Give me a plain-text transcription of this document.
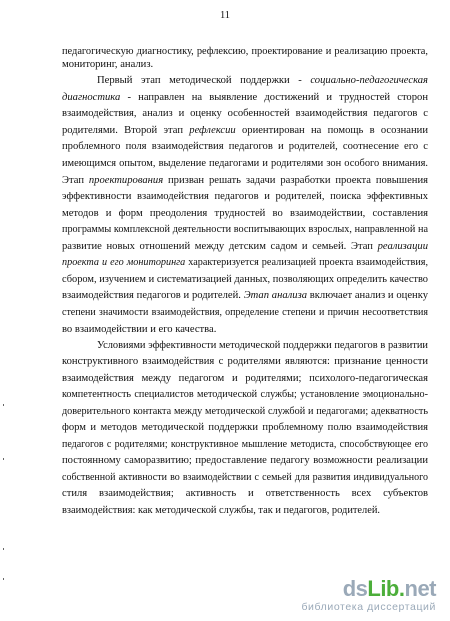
11
педагогическую диагностику, рефлексию, проектирование и реализацию проекта,
мониторинг, анализ.
Первый этап методической поддержки - социально-педагогическая
диагностика - направлен на выявление достижений и трудностей сторон
взаимодействия, анализ и оценку особенностей взаимодействия педагогов с
родителями. Второй этап рефлексии ориентирован на помощь в осознании
проблемного поля взаимодействия педагогов и родителей, соотнесение его с
имеющимся опытом, выделение педагогами и родителями зон особого внимания.
Этап проектирования призван решать задачи разработки проекта повышения
эффективности взаимодействия педагогов и родителей, поиска эффективных
методов и форм преодоления трудностей во взаимодействии, составления
программы комплексной деятельности воспитывающих взрослых, направленной на
развитие новых отношений между детским садом и семьей. Этап реализации
проекта и его мониторинга характеризуется реализацией проекта взаимодействия,
сбором, изучением и систематизацией данных, позволяющих определить качество
взаимодействия педагогов и родителей. Этап анализа включает анализ и оценку
степени значимости взаимодействия, определение степени и причин несоответствия
во взаимодействии и его качества.
Условиями эффективности методической поддержки педагогов в развитии
конструктивного взаимодействия с родителями являются: признание ценности
взаимодействия между педагогом и родителями; психолого-педагогическая
компетентность специалистов методической службы; установление эмоционально-
доверительного контакта между методической службой и педагогами; адекватность
форм и методов методической поддержки проблемному полю взаимодействия
педагогов с родителями; конструктивное мышление методиста, способствующее его
постоянному саморазвитию; предоставление педагогу возможности реализации
собственной активности во взаимодействии с семьей для развития индивидуального
стиля взаимодействия; активность и ответственность всех субъектов
взаимодействия: как методической службы, так и педагогов, родителей.
dsLib.net
библиотека диссертаций
